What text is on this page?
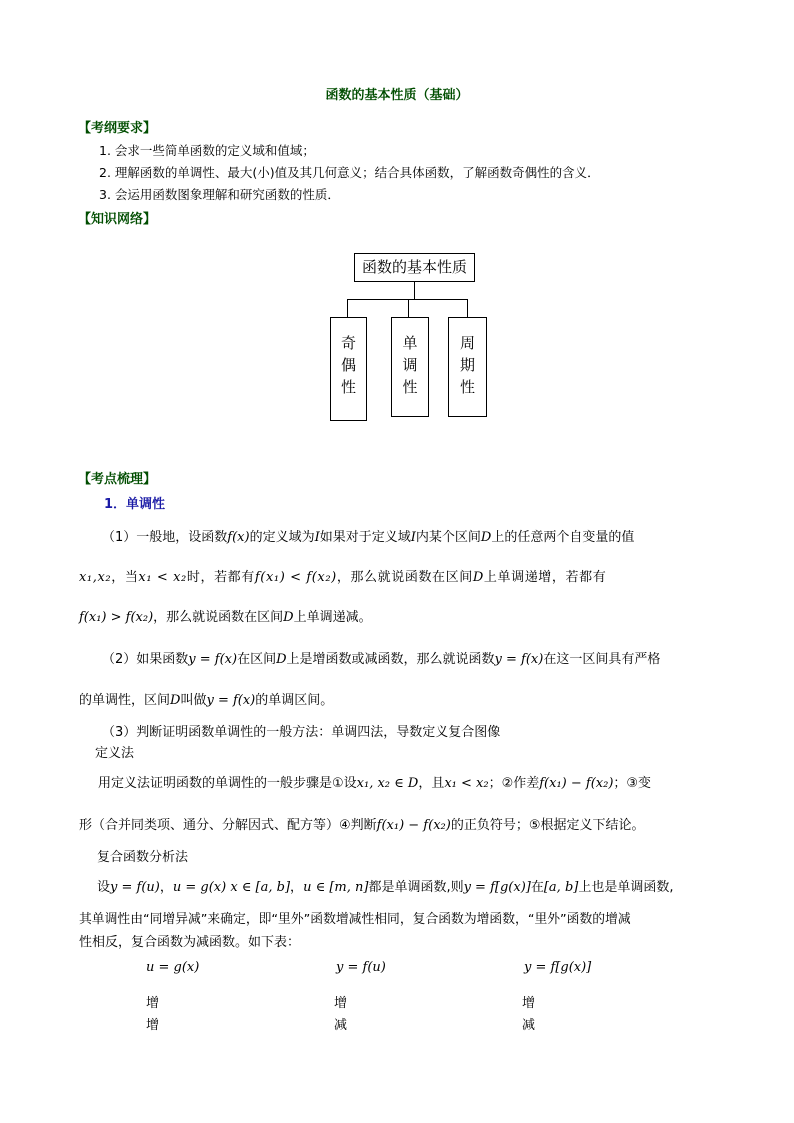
函数的基本性质（基础）
【考纲要求】
1. 会求一些简单函数的定义域和值域；
2. 理解函数的单调性、最大(小)值及其几何意义；结合具体函数，了解函数奇偶性的含义．
3. 会运用函数图象理解和研究函数的性质．
【知识网络】
函数的基本性质
奇
偶
性
单
调
性
周
期
性
【考点梳理】
1．单调性
（1）一般地，设函数f(x)的定义域为I如果对于定义域I内某个区间D上的任意两个自变量的值
x₁,x₂，当x₁ < x₂时，若都有f(x₁) < f(x₂)，那么就说函数在区间D上单调递增，若都有
f(x₁) > f(x₂)，那么就说函数在区间D上单调递减。
（2）如果函数y = f(x)在区间D上是增函数或减函数，那么就说函数y = f(x)在这一区间具有严格
的单调性，区间D叫做y = f(x)的单调区间。
（3）判断证明函数单调性的一般方法：单调四法，导数定义复合图像
定义法
用定义法证明函数的单调性的一般步骤是①设x₁, x₂ ∈ D，且x₁ < x₂；②作差f(x₁) − f(x₂)；③变
形（合并同类项、通分、分解因式、配方等）④判断f(x₁) − f(x₂)的正负符号；⑤根据定义下结论。
复合函数分析法
设y = f(u)，u = g(x) x ∈ [a, b]，u ∈ [m, n]都是单调函数,则y = f[g(x)]在[a, b]上也是单调函数,
其单调性由“同增异减”来确定，即“里外”函数增减性相同，复合函数为增函数，“里外”函数的增减
性相反，复合函数为减函数。如下表：
u = g(x)	y = f(u)	y = f[g(x)]
增	增	增
增	减	减
